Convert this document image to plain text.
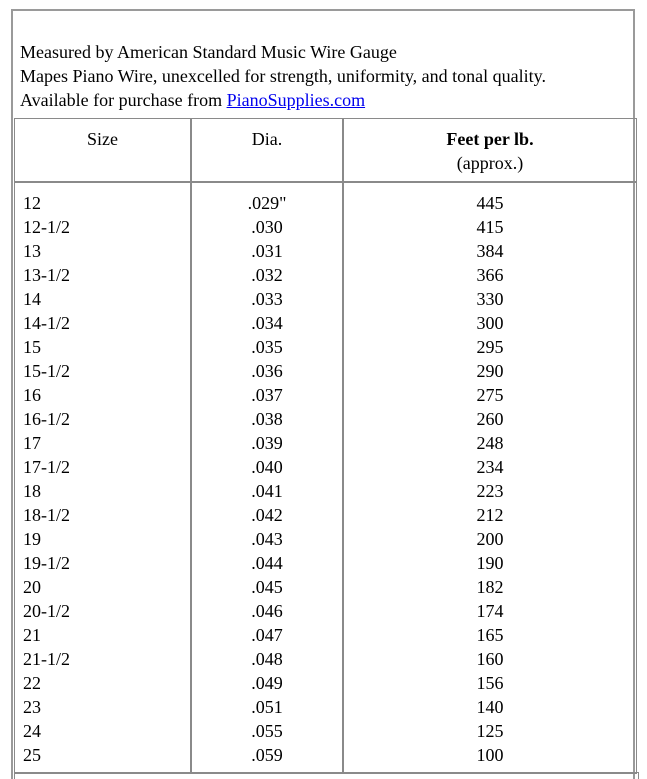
Measured by American Standard Music Wire Gauge
Mapes Piano Wire, unexcelled for strength, uniformity, and tonal quality.
Available for purchase from PianoSupplies.com
Size	Dia.	Feet per lb.
(approx.)
12
12-1/2
13
13-1/2
14
14-1/2
15
15-1/2
16
16-1/2
17
17-1/2
18
18-1/2
19
19-1/2
20
20-1/2
21
21-1/2
22
23
24
25
.029"
.030
.031
.032
.033
.034
.035
.036
.037
.038
.039
.040
.041
.042
.043
.044
.045
.046
.047
.048
.049
.051
.055
.059
445
415
384
366
330
300
295
290
275
260
248
234
223
212
200
190
182
174
165
160
156
140
125
100
